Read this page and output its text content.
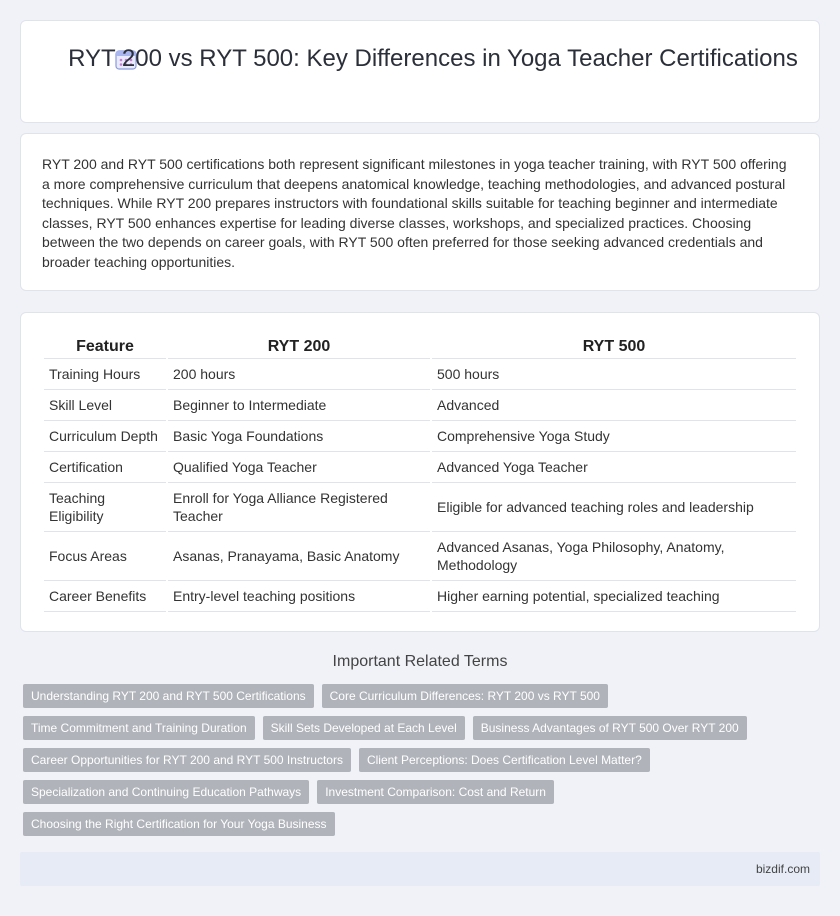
RYT 200 vs RYT 500: Key Differences in Yoga Teacher Certifications

RYT 200 and RYT 500 certifications both represent significant milestones in yoga teacher training, with RYT 500 offering a more comprehensive curriculum that deepens anatomical knowledge, teaching methodologies, and advanced postural techniques. While RYT 200 prepares instructors with foundational skills suitable for teaching beginner and intermediate classes, RYT 500 enhances expertise for leading diverse classes, workshops, and specialized practices. Choosing between the two depends on career goals, with RYT 500 often preferred for those seeking advanced credentials and broader teaching opportunities.

Feature	RYT 200	RYT 500
Training Hours	200 hours	500 hours
Skill Level	Beginner to Intermediate	Advanced
Curriculum Depth	Basic Yoga Foundations	Comprehensive Yoga Study
Certification	Qualified Yoga Teacher	Advanced Yoga Teacher
Teaching Eligibility	Enroll for Yoga Alliance Registered Teacher	Eligible for advanced teaching roles and leadership
Focus Areas	Asanas, Pranayama, Basic Anatomy	Advanced Asanas, Yoga Philosophy, Anatomy, Methodology
Career Benefits	Entry-level teaching positions	Higher earning potential, specialized teaching
Important Related Terms
Understanding RYT 200 and RYT 500 Certifications	Core Curriculum Differences: RYT 200 vs RYT 500
Time Commitment and Training Duration	Skill Sets Developed at Each Level	Business Advantages of RYT 500 Over RYT 200
Career Opportunities for RYT 200 and RYT 500 Instructors	Client Perceptions: Does Certification Level Matter?
Specialization and Continuing Education Pathways	Investment Comparison: Cost and Return
Choosing the Right Certification for Your Yoga Business
bizdif.com
